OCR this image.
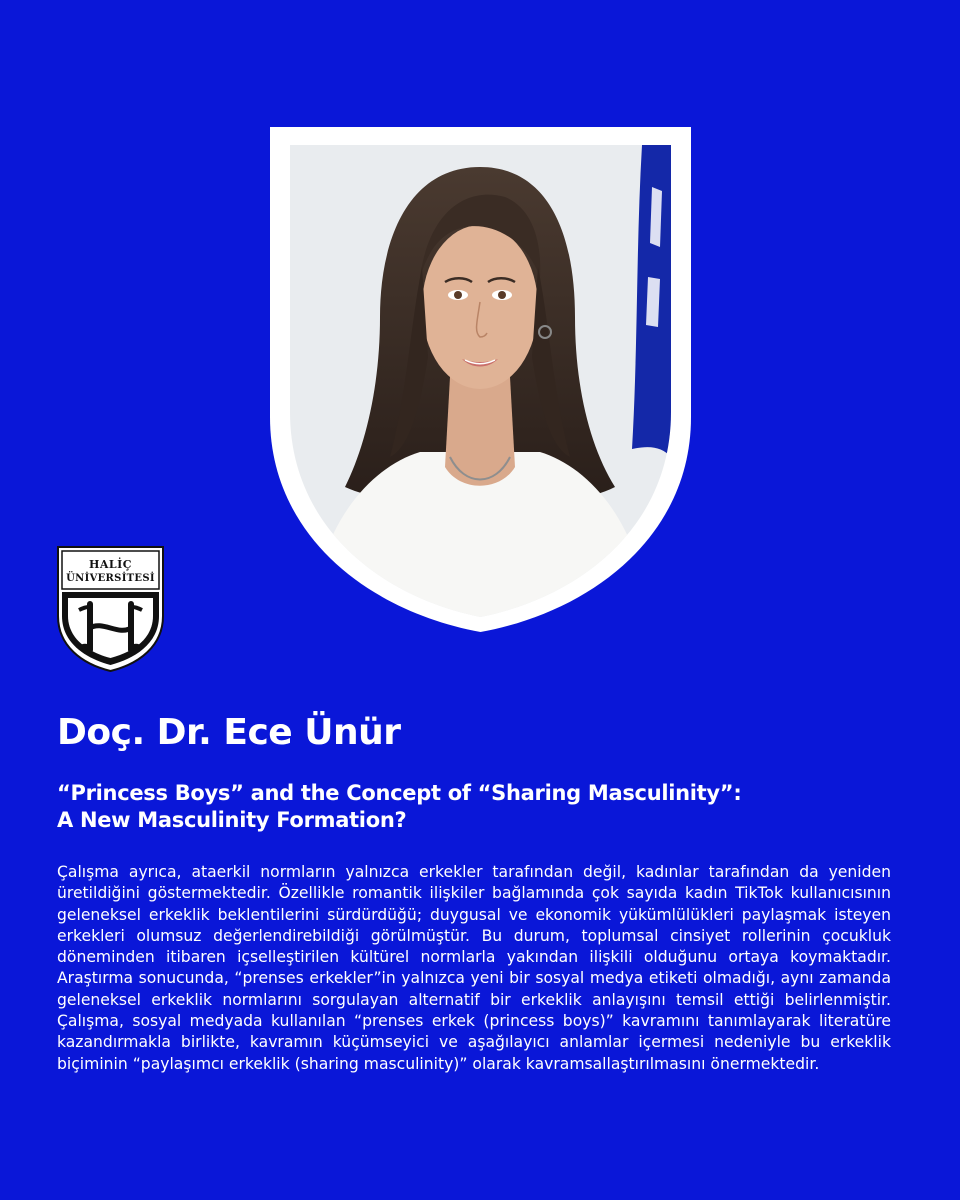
HALİÇ
ÜNİVERSİTESİ
Doç. Dr. Ece Ünür
“Princess Boys” and the Concept of “Sharing Masculinity”:
A New Masculinity Formation?

Çalışma ayrıca, ataerkil normların yalnızca erkekler tarafından değil, kadınlar tarafından da yeniden üretildiğini göstermektedir. Özellikle romantik ilişkiler bağlamında çok sayıda kadın TikTok kullanıcısının geleneksel erkeklik beklentilerini sürdürdüğü; duygusal ve ekonomik yükümlülükleri paylaşmak isteyen erkekleri olumsuz değerlendirebildiği görülmüştür. Bu durum, toplumsal cinsiyet rollerinin çocukluk döneminden itibaren içselleştirilen kültürel normlarla yakından ilişkili olduğunu ortaya koymaktadır. Araştırma sonucunda, “prenses erkekler”in yalnızca yeni bir sosyal medya etiketi olmadığı, aynı zamanda geleneksel erkeklik normlarını sorgulayan alternatif bir erkeklik anlayışını temsil ettiği belirlenmiştir. Çalışma, sosyal medyada kullanılan “prenses erkek (princess boys)” kavramını tanımlayarak literatüre kazandırmakla birlikte, kavramın küçümseyici ve aşağılayıcı anlamlar içermesi nedeniyle bu erkeklik biçiminin “paylaşımcı erkeklik (sharing masculinity)” olarak kavramsallaştırılmasını önermektedir.
